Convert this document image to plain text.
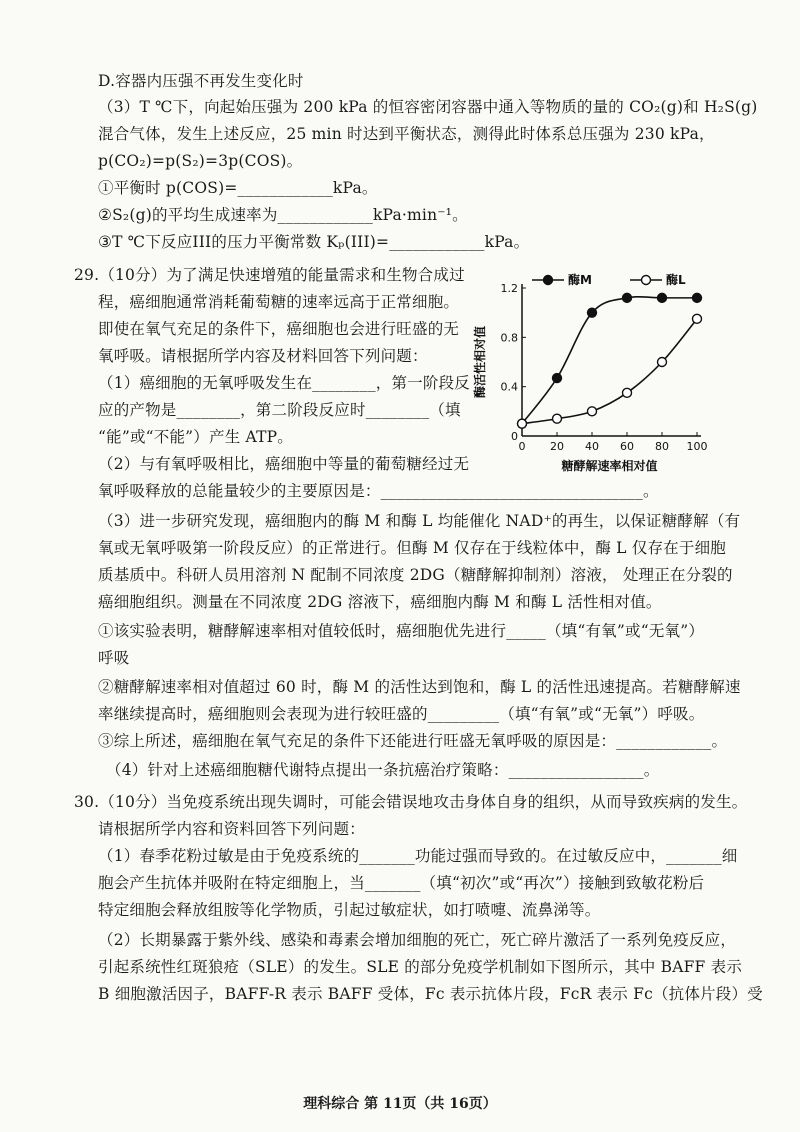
D.容器内压强不再发生变化时
（3）T ℃下，向起始压强为 200 kPa 的恒容密闭容器中通入等物质的量的 CO₂(g)和 H₂S(g)
混合气体，发生上述反应，25 min 时达到平衡状态，测得此时体系总压强为 230 kPa，
p(CO₂)=p(S₂)=3p(COS)。
①平衡时 p(COS)=____________kPa。
②S₂(g)的平均生成速率为____________kPa·min⁻¹。
③T ℃下反应III的压力平衡常数 Kₚ(III)=____________kPa。
29.（10分）为了满足快速增殖的能量需求和生物合成过
程，癌细胞通常消耗葡萄糖的速率远高于正常细胞。
即使在氧气充足的条件下，癌细胞也会进行旺盛的无
氧呼吸。请根据所学内容及材料回答下列问题：
（1）癌细胞的无氧呼吸发生在________，第一阶段反
应的产物是________，第二阶段反应时________（填
“能”或“不能”）产生 ATP。
（2）与有氧呼吸相比，癌细胞中等量的葡萄糖经过无
氧呼吸释放的总能量较少的主要原因是：_________________________________。
（3）进一步研究发现，癌细胞内的酶 M 和酶 L 均能催化 NAD⁺的再生，以保证糖酵解（有
氧或无氧呼吸第一阶段反应）的正常进行。但酶 M 仅存在于线粒体中，酶 L 仅存在于细胞
质基质中。科研人员用溶剂 N 配制不同浓度 2DG（糖酵解抑制剂）溶液， 处理正在分裂的
癌细胞组织。测量在不同浓度 2DG 溶液下，癌细胞内酶 M 和酶 L 活性相对值。
①该实验表明，糖酵解速率相对值较低时，癌细胞优先进行_____（填“有氧”或“无氧”）
呼吸
②糖酵解速率相对值超过 60 时，酶 M 的活性达到饱和，酶 L 的活性迅速提高。若糖酵解速
率继续提高时，癌细胞则会表现为进行较旺盛的_________（填“有氧”或“无氧”）呼吸。
③综上所述，癌细胞在氧气充足的条件下还能进行旺盛无氧呼吸的原因是：____________。
（4）针对上述癌细胞糖代谢特点提出一条抗癌治疗策略：_________________。
30.（10分）当免疫系统出现失调时，可能会错误地攻击身体自身的组织，从而导致疾病的发生。
请根据所学内容和资料回答下列问题：
（1）春季花粉过敏是由于免疫系统的_______功能过强而导致的。在过敏反应中，_______细
胞会产生抗体并吸附在特定细胞上，当_______（填“初次”或“再次”）接触到致敏花粉后
特定细胞会释放组胺等化学物质，引起过敏症状，如打喷嚏、流鼻涕等。
（2）长期暴露于紫外线、感染和毒素会增加细胞的死亡，死亡碎片激活了一系列免疫反应，
引起系统性红斑狼疮（SLE）的发生。SLE 的部分免疫学机制如下图所示，其中 BAFF 表示
B 细胞激活因子，BAFF-R 表示 BAFF 受体，Fc 表示抗体片段，FcR 表示 Fc（抗体片段）受
0 20 40 60 80 100
0
0.4
0.8
1.2
酶活性相对值
糖酵解速率相对值
酶M	酶L
理科综合 第 11页（共 16页）
